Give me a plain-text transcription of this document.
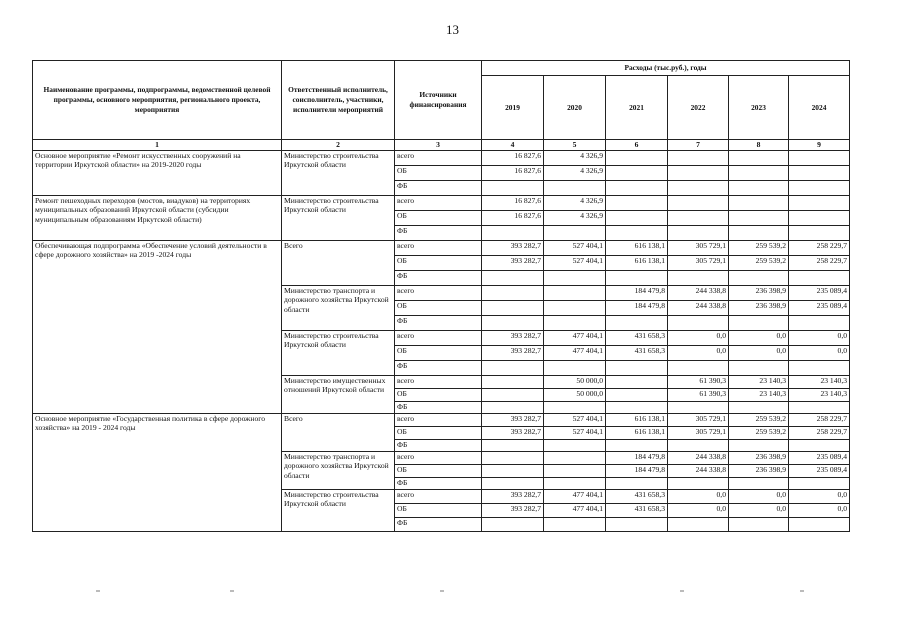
13
Наименование программы, подпрограммы, ведомственной целевой программы, основного мероприятия, регионального проекта, мероприятия	Ответственный исполнитель, соисполнитель, участники, исполнители мероприятий	Источники финансирования	Расходы (тыс.руб.), годы					
			2019	2020	2021	2022	2023	2024
1	2	3	4	5	6	7	8	9
Основное мероприятие «Ремонт искусственных сооружений на территории Иркутской области» на 2019-2020 годы	Министерство строительства Иркутской области	всего	16 827,6	4 326,9				
		ОБ	16 827,6	4 326,9				
		ФБ						
Ремонт пешеходных переходов (мостов, виадуков) на территориях муниципальных образований Иркутской области (субсидии муниципальным образованиям Иркутской области)	Министерство строительства Иркутской области	всего	16 827,6	4 326,9				
		ОБ	16 827,6	4 326,9				
		ФБ						
Обеспечивающая подпрограмма «Обеспечение условий деятельности в сфере дорожного хозяйства» на 2019 -2024 годы	Всего	всего	393 282,7	527 404,1	616 138,1	305 729,1	259 539,2	258 229,7
		ОБ	393 282,7	527 404,1	616 138,1	305 729,1	259 539,2	258 229,7
		ФБ						
	Министерство транспорта и дорожного хозяйства Иркутской области	всего			184 479,8	244 338,8	236 398,9	235 089,4
		ОБ			184 479,8	244 338,8	236 398,9	235 089,4
		ФБ						
	Министерство строительства Иркутской области	всего	393 282,7	477 404,1	431 658,3	0,0	0,0	0,0
		ОБ	393 282,7	477 404,1	431 658,3	0,0	0,0	0,0
		ФБ						
	Министерство имущественных отношений Иркутской области	всего		50 000,0		61 390,3	23 140,3	23 140,3
		ОБ		50 000,0		61 390,3	23 140,3	23 140,3
		ФБ						
Основное мероприятие «Государственная политика в сфере дорожного хозяйства» на 2019 - 2024 годы	Всего	всего	393 282,7	527 404,1	616 138,1	305 729,1	259 539,2	258 229,7
		ОБ	393 282,7	527 404,1	616 138,1	305 729,1	259 539,2	258 229,7
		ФБ						
	Министерство транспорта и дорожного хозяйства Иркутской области	всего			184 479,8	244 338,8	236 398,9	235 089,4
		ОБ			184 479,8	244 338,8	236 398,9	235 089,4
		ФБ						
	Министерство строительства Иркутской области	всего	393 282,7	477 404,1	431 658,3	0,0	0,0	0,0
		ОБ	393 282,7	477 404,1	431 658,3	0,0	0,0	0,0
		ФБ						
